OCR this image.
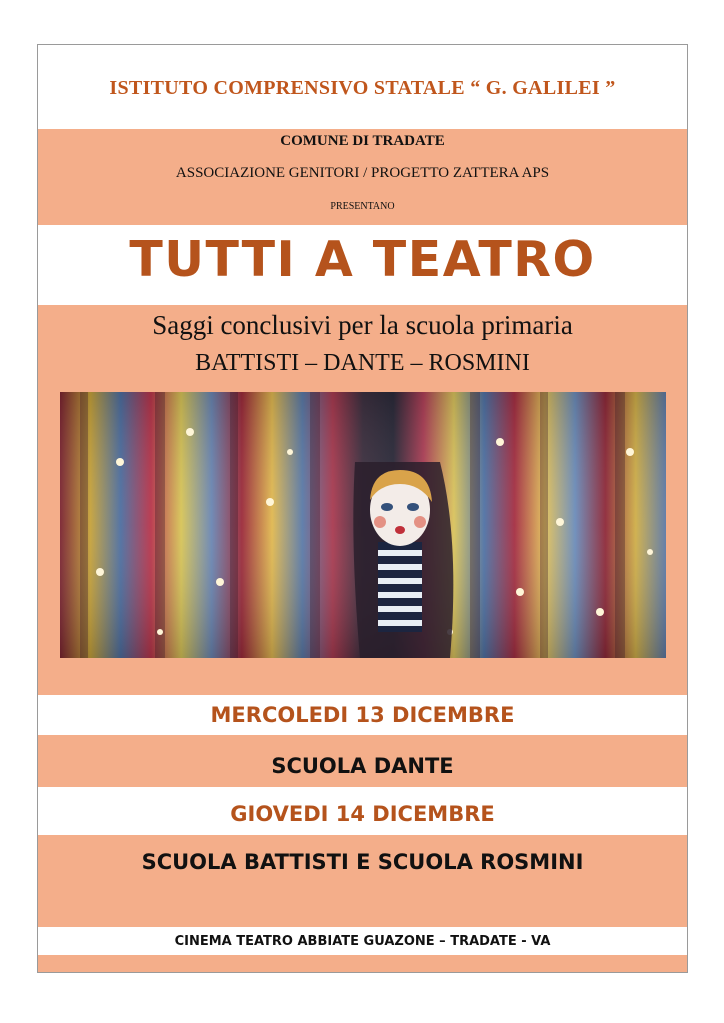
ISTITUTO COMPRENSIVO STATALE “ G. GALILEI ”
COMUNE DI TRADATE
ASSOCIAZIONE GENITORI / PROGETTO ZATTERA APS
PRESENTANO
TUTTI A TEATRO
Saggi conclusivi per la scuola primaria
BATTISTI – DANTE – ROSMINI
MERCOLEDI 13 DICEMBRE
SCUOLA DANTE
GIOVEDI 14 DICEMBRE
SCUOLA BATTISTI E SCUOLA ROSMINI
CINEMA TEATRO ABBIATE GUAZONE – TRADATE - VA
